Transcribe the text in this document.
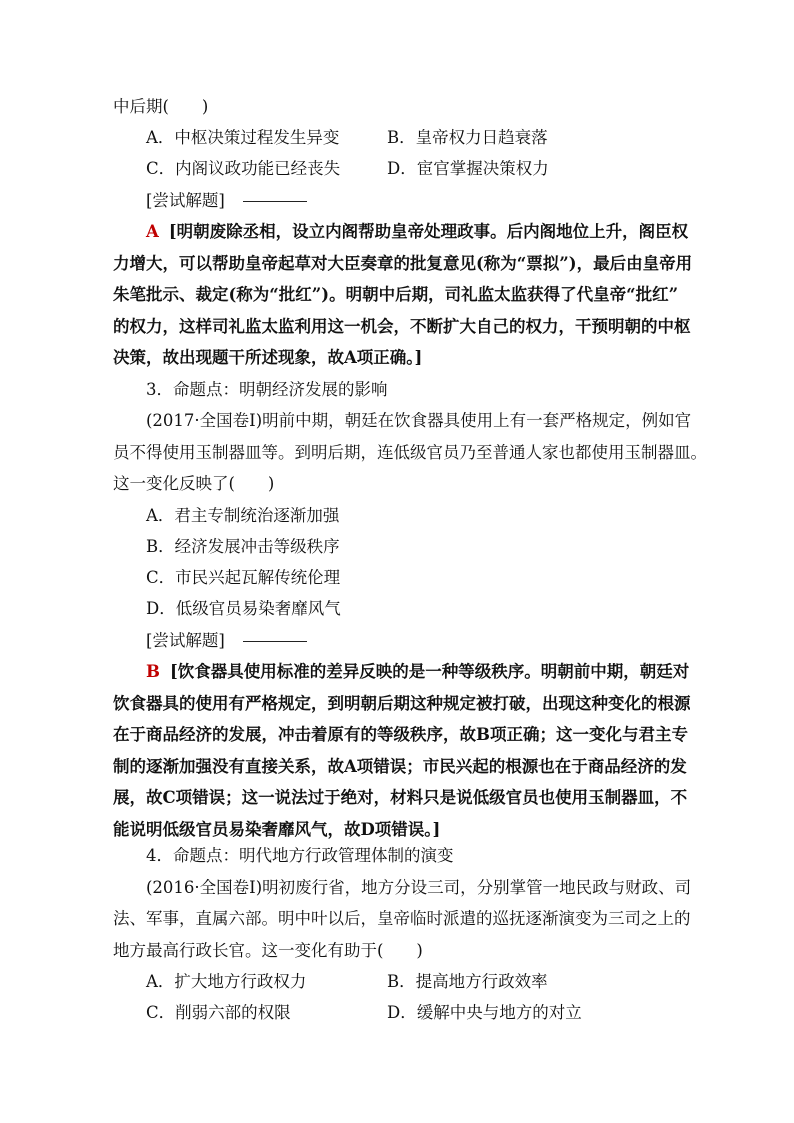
中后期(　　)
A．中枢决策过程发生异变	B．皇帝权力日趋衰落
C．内阁议政功能已经丧失	D．宦官掌握决策权力
[尝试解题]
A [明朝废除丞相，设立内阁帮助皇帝处理政事。后内阁地位上升，阁臣权
力增大，可以帮助皇帝起草对大臣奏章的批复意见(称为“票拟”)，最后由皇帝用
朱笔批示、裁定(称为“批红”)。明朝中后期，司礼监太监获得了代皇帝“批红”
的权力，这样司礼监太监利用这一机会，不断扩大自己的权力，干预明朝的中枢
决策，故出现题干所述现象，故A项正确。]
3．命题点：明朝经济发展的影响
(2017·全国卷Ⅰ)明前中期，朝廷在饮食器具使用上有一套严格规定，例如官
员不得使用玉制器皿等。到明后期，连低级官员乃至普通人家也都使用玉制器皿。
这一变化反映了(　　)
A．君主专制统治逐渐加强
B．经济发展冲击等级秩序
C．市民兴起瓦解传统伦理
D．低级官员易染奢靡风气
[尝试解题]
B [饮食器具使用标准的差异反映的是一种等级秩序。明朝前中期，朝廷对
饮食器具的使用有严格规定，到明朝后期这种规定被打破，出现这种变化的根源
在于商品经济的发展，冲击着原有的等级秩序，故B项正确；这一变化与君主专
制的逐渐加强没有直接关系，故A项错误；市民兴起的根源也在于商品经济的发
展，故C项错误；这一说法过于绝对，材料只是说低级官员也使用玉制器皿，不
能说明低级官员易染奢靡风气，故D项错误。]
4．命题点：明代地方行政管理体制的演变
(2016·全国卷Ⅰ)明初废行省，地方分设三司，分别掌管一地民政与财政、司
法、军事，直属六部。明中叶以后，皇帝临时派遣的巡抚逐渐演变为三司之上的
地方最高行政长官。这一变化有助于(　　)
A．扩大地方行政权力	B．提高地方行政效率
C．削弱六部的权限	D．缓解中央与地方的对立
